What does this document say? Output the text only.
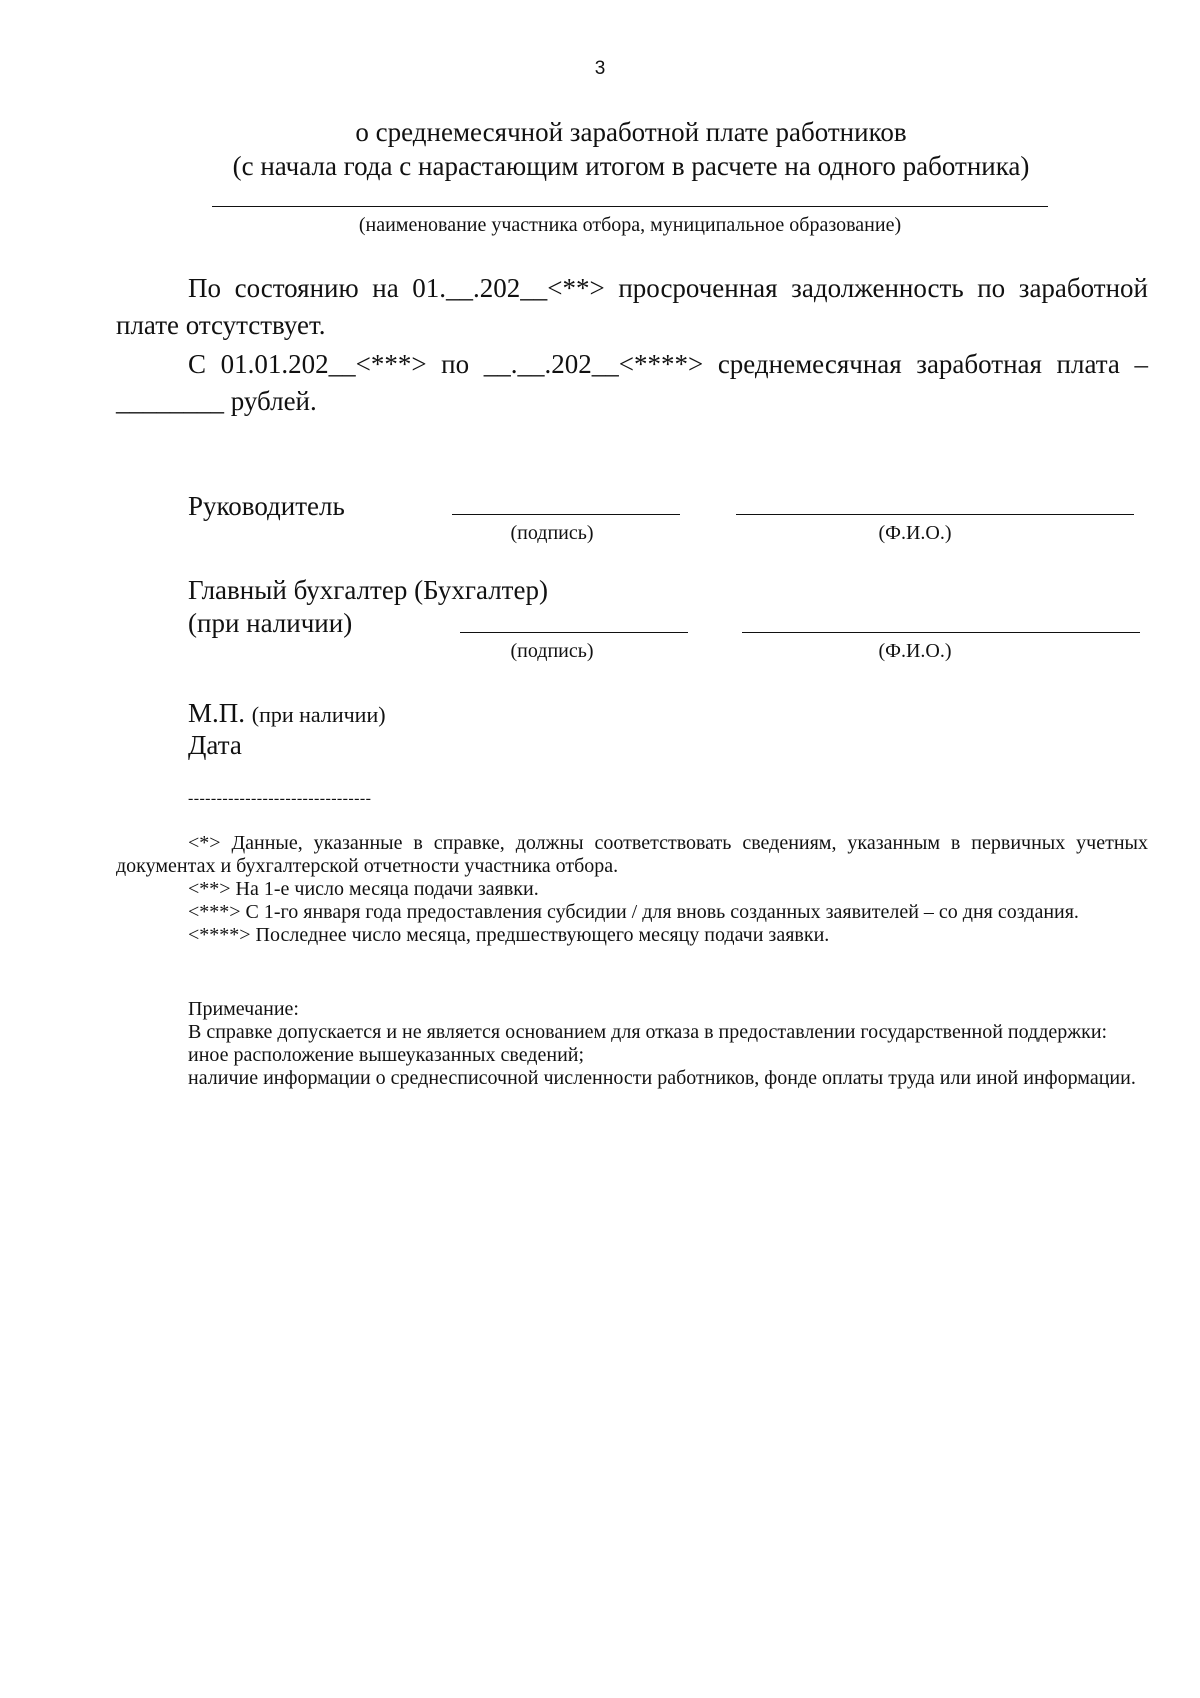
3
о среднемесячной заработной плате работников
(с начала года с нарастающим итогом в расчете на одного работника)
(наименование участника отбора, муниципальное образование)
По состоянию на 01.__.202__<**> просроченная задолженность по заработной плате отсутствует.
С 01.01.202__<***> по __.__.202__<****> среднемесячная заработная плата – ________ рублей.
Руководитель
(подпись)	(Ф.И.О.)
Главный бухгалтер (Бухгалтер)
(при наличии)
(подпись)	(Ф.И.О.)
М.П. (при наличии)
Дата
--------------------------------

<*> Данные, указанные в справке, должны соответствовать сведениям, указанным в первичных учетных документах и бухгалтерской отчетности участника отбора.

<**> На 1-е число месяца подачи заявки.

<***> С 1-го января года предоставления субсидии / для вновь созданных заявителей – со дня создания.

<****> Последнее число месяца, предшествующего месяцу подачи заявки.

Примечание:

В справке допускается и не является основанием для отказа в предоставлении государственной поддержки:

иное расположение вышеуказанных сведений;

наличие информации о среднесписочной численности работников, фонде оплаты труда или иной информации.
